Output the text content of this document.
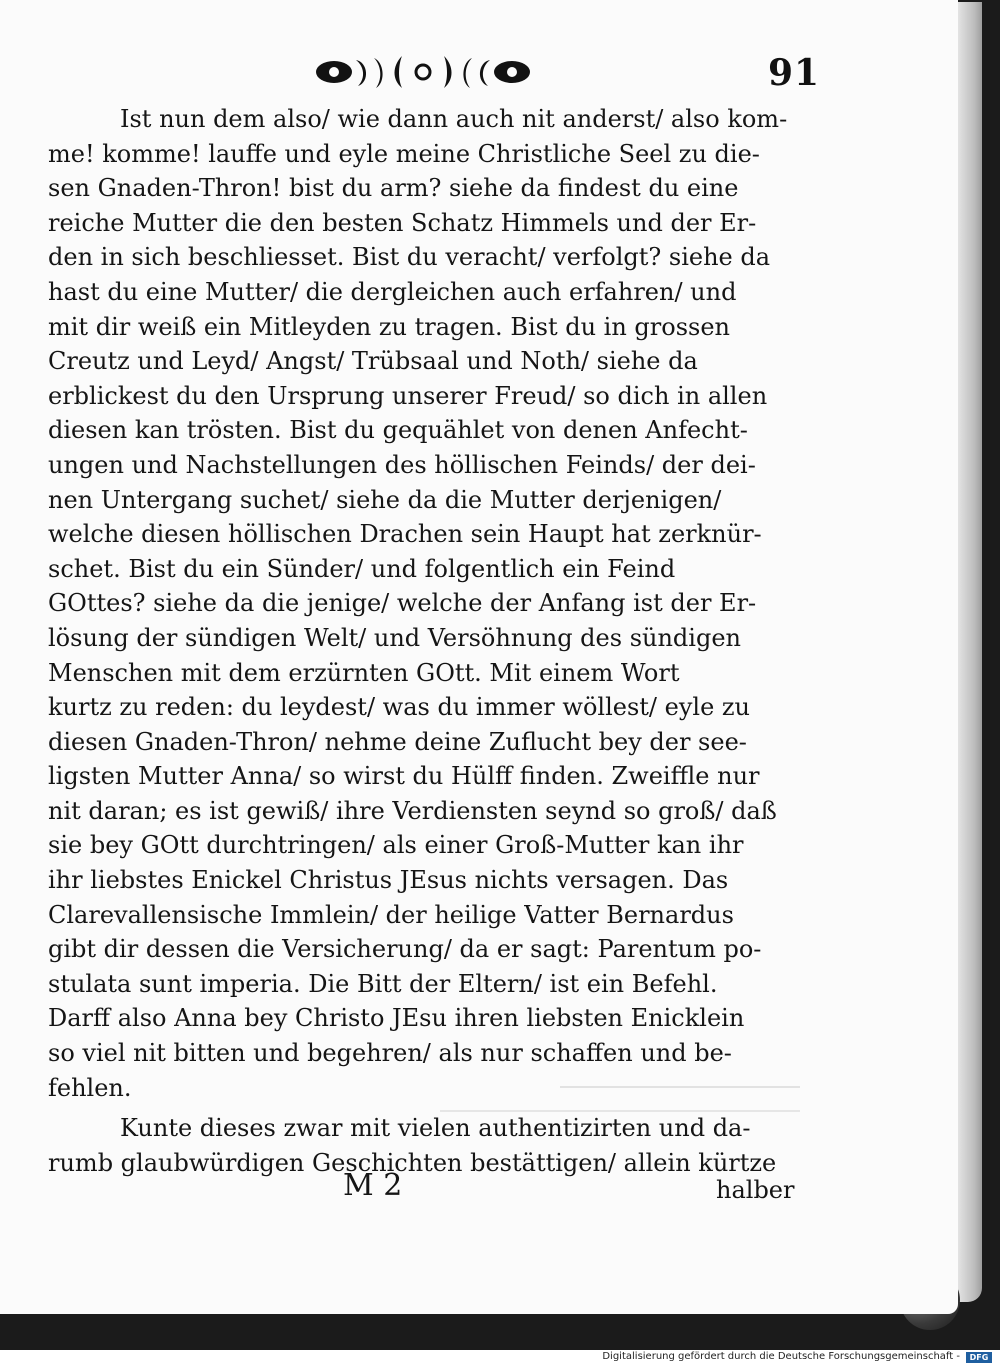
91
Ist nun dem also/ wie dann auch nit anderst/ also kom-
me! komme! lauffe und eyle meine Christliche Seel zu die-
sen Gnaden-Thron! bist du arm? siehe da findest du eine
reiche Mutter die den besten Schatz Himmels und der Er-
den in sich beschliesset. Bist du veracht/ verfolgt? siehe da
hast du eine Mutter/ die dergleichen auch erfahren/ und
mit dir weiß ein Mitleyden zu tragen. Bist du in grossen
Creutz und Leyd/ Angst/ Trübsaal und Noth/ siehe da
erblickest du den Ursprung unserer Freud/ so dich in allen
diesen kan trösten. Bist du gequählet von denen Anfecht-
ungen und Nachstellungen des höllischen Feinds/ der dei-
nen Untergang suchet/ siehe da die Mutter derjenigen/
welche diesen höllischen Drachen sein Haupt hat zerknür-
schet. Bist du ein Sünder/ und folgentlich ein Feind
GOttes? siehe da die jenige/ welche der Anfang ist der Er-
lösung der sündigen Welt/ und Versöhnung des sündigen
Menschen mit dem erzürnten GOtt. Mit einem Wort
kurtz zu reden: du leydest/ was du immer wöllest/ eyle zu
diesen Gnaden-Thron/ nehme deine Zuflucht bey der see-
ligsten Mutter Anna/ so wirst du Hülff finden. Zweiffle nur
nit daran; es ist gewiß/ ihre Verdiensten seynd so groß/ daß
sie bey GOtt durchtringen/ als einer Groß-Mutter kan ihr
ihr liebstes Enickel Christus JEsus nichts versagen. Das
Clarevallensische Immlein/ der heilige Vatter Bernardus
gibt dir dessen die Versicherung/ da er sagt: Parentum po-
stulata sunt imperia. Die Bitt der Eltern/ ist ein Befehl.
Darff also Anna bey Christo JEsu ihren liebsten Enicklein
so viel nit bitten und begehren/ als nur schaffen und be-
fehlen.
Kunte dieses zwar mit vielen authentizirten und da-
rumb glaubwürdigen Geschichten bestättigen/ allein kürtze
M 2	halber
Digitalisierung gefördert durch die Deutsche Forschungsgemeinschaft -	DFG
